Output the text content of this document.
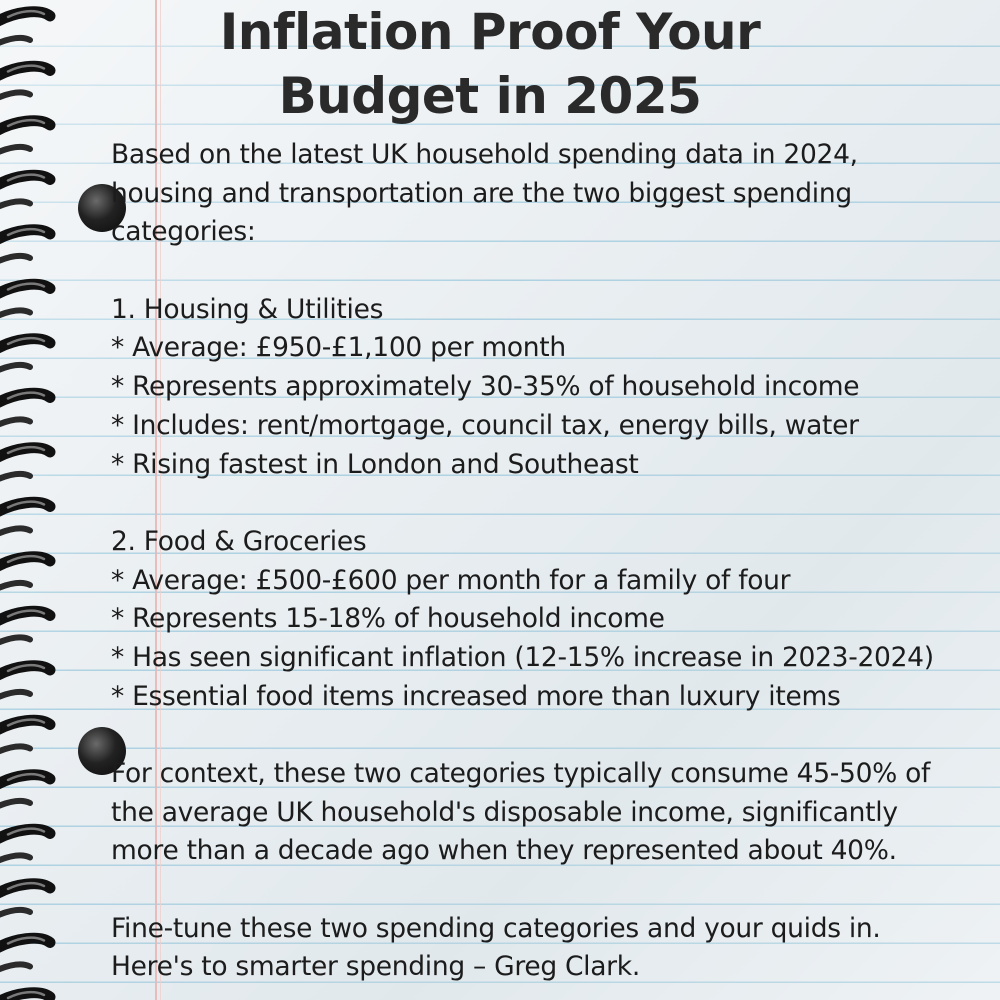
Inflation Proof Your
Budget in 2025
Based on the latest UK household spending data in 2024,
housing and transportation are the two biggest spending
categories:
1. Housing & Utilities
* Average: £950-£1,100 per month
* Represents approximately 30-35% of household income
* Includes: rent/mortgage, council tax, energy bills, water
* Rising fastest in London and Southeast
2. Food & Groceries
* Average: £500-£600 per month for a family of four
* Represents 15-18% of household income
* Has seen significant inflation (12-15% increase in 2023-2024)
* Essential food items increased more than luxury items
For context, these two categories typically consume 45-50% of
the average UK household's disposable income, significantly
more than a decade ago when they represented about 40%.
Fine-tune these two spending categories and your quids in.
Here's to smarter spending – Greg Clark.
